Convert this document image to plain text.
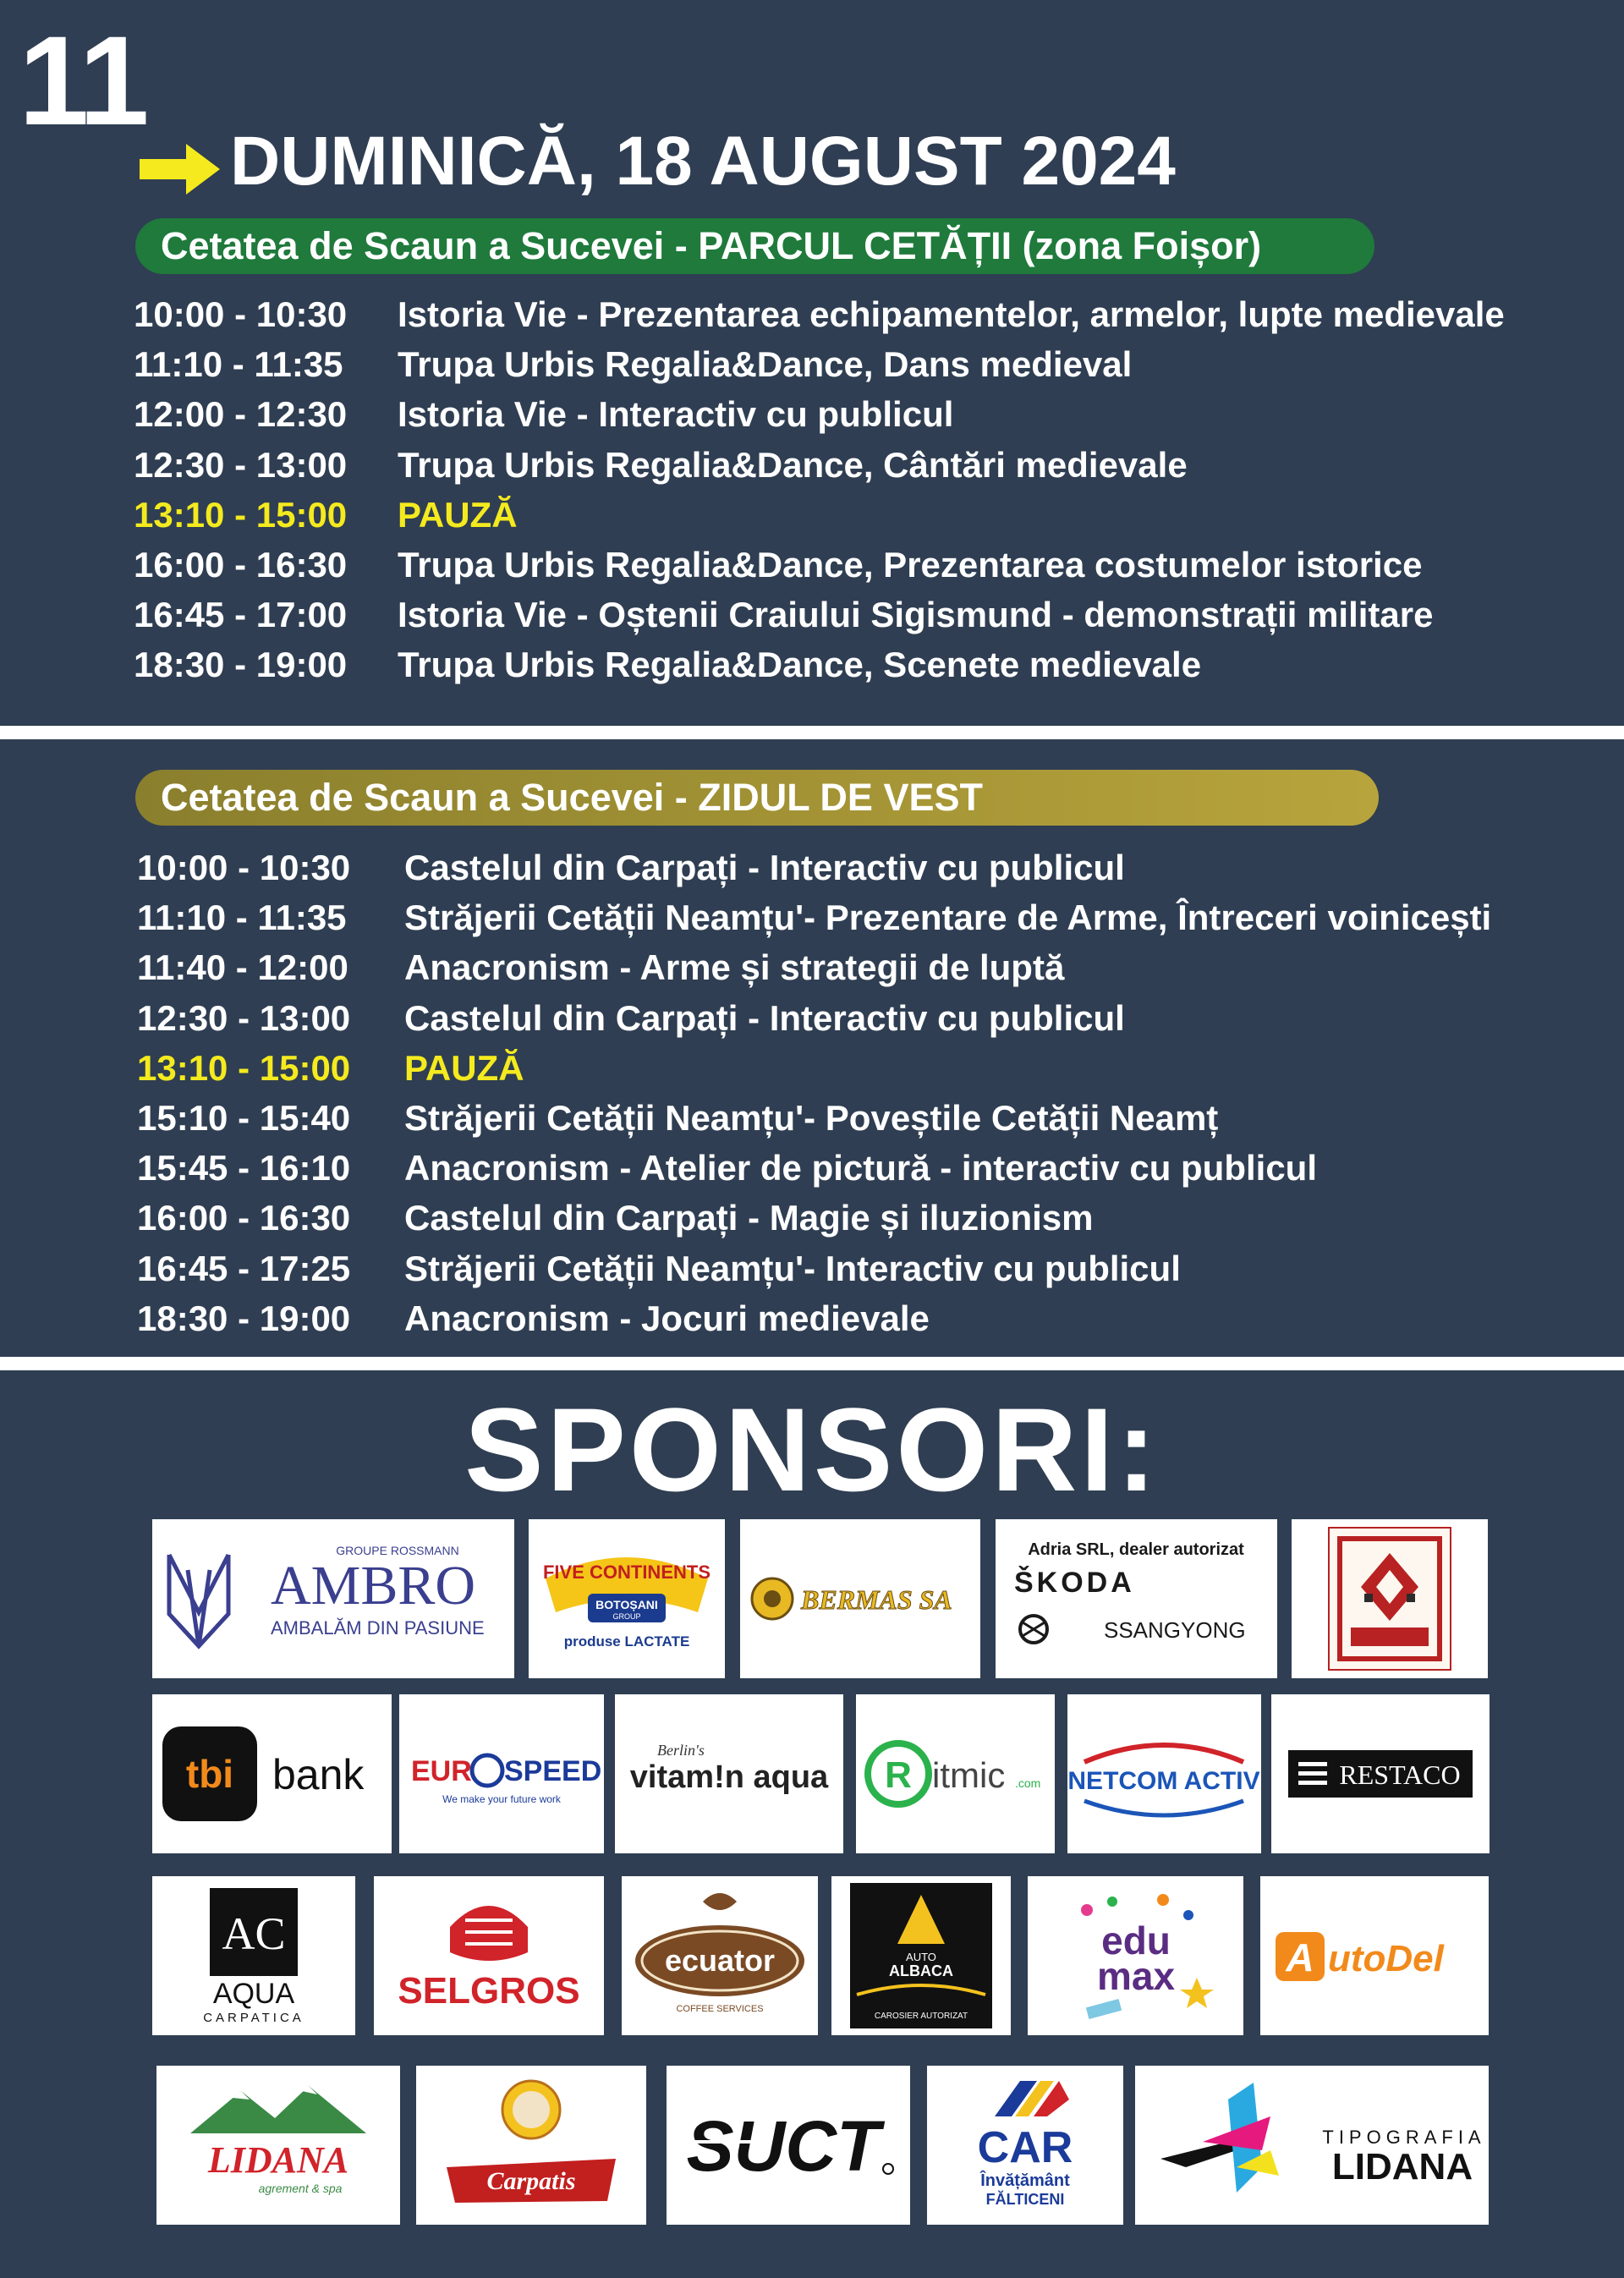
11
DUMINICĂ, 18 AUGUST 2024
Cetatea de Scaun a Sucevei - PARCUL CETĂȚII (zona Foișor)
10:00 - 10:30 Istoria Vie - Prezentarea echipamentelor, armelor, lupte medievale
11:10 - 11:35 Trupa Urbis Regalia&Dance, Dans medieval
12:00 - 12:30 Istoria Vie - Interactiv cu publicul
12:30 - 13:00 Trupa Urbis Regalia&Dance, Cântări medievale
13:10 - 15:00 PAUZĂ
16:00 - 16:30 Trupa Urbis Regalia&Dance, Prezentarea costumelor istorice
16:45 - 17:00 Istoria Vie - Oștenii Craiului Sigismund - demonstrații militare
18:30 - 19:00 Trupa Urbis Regalia&Dance, Scenete medievale
10:00 - 10:30 Castelul din Carpați - Interactiv cu publicul
11:10 - 11:35 Străjerii Cetății Neamțu'- Prezentare de Arme, Întreceri voinicești
11:40 - 12:00 Anacronism - Arme și strategii de luptă
12:30 - 13:00 Castelul din Carpați - Interactiv cu publicul
13:10 - 15:00 PAUZĂ
15:10 - 15:40 Străjerii Cetății Neamțu'- Poveștile Cetății Neamț
15:45 - 16:10 Anacronism - Atelier de pictură - interactiv cu publicul
16:00 - 16:30 Castelul din Carpați - Magie și iluzionism
16:45 - 17:25 Străjerii Cetății Neamțu'- Interactiv cu publicul
18:30 - 19:00 Anacronism - Jocuri medievale
Cetatea de Scaun a Sucevei - ZIDUL DE VEST
SPONSORI:
GROUPE ROSSMANN
AMBRO
AMBALĂM DIN PASIUNE
FIVE CONTINENTS
BOTOȘANI
GROUP
produse LACTATE
BERMAS SA
Adria SRL, dealer autorizat
ŠKODA
SSANGYONG
tbi bank EUR SPEED
We make your future work
Berlin's
vitam!n aqua R itmic .com NETCOM ACTIV	RESTACO
AC
AQUA
CARPATICA
SELGROS
ecuator
COFFEE SERVICES
AUTO
ALBACA
CAROSIER AUTORIZAT
edu
max	A utoDel
LIDANA
agrement & spa	Carpatis SUCT CAR
Învățământ
FĂLTICENI
TIPOGRAFIA
LIDANA
